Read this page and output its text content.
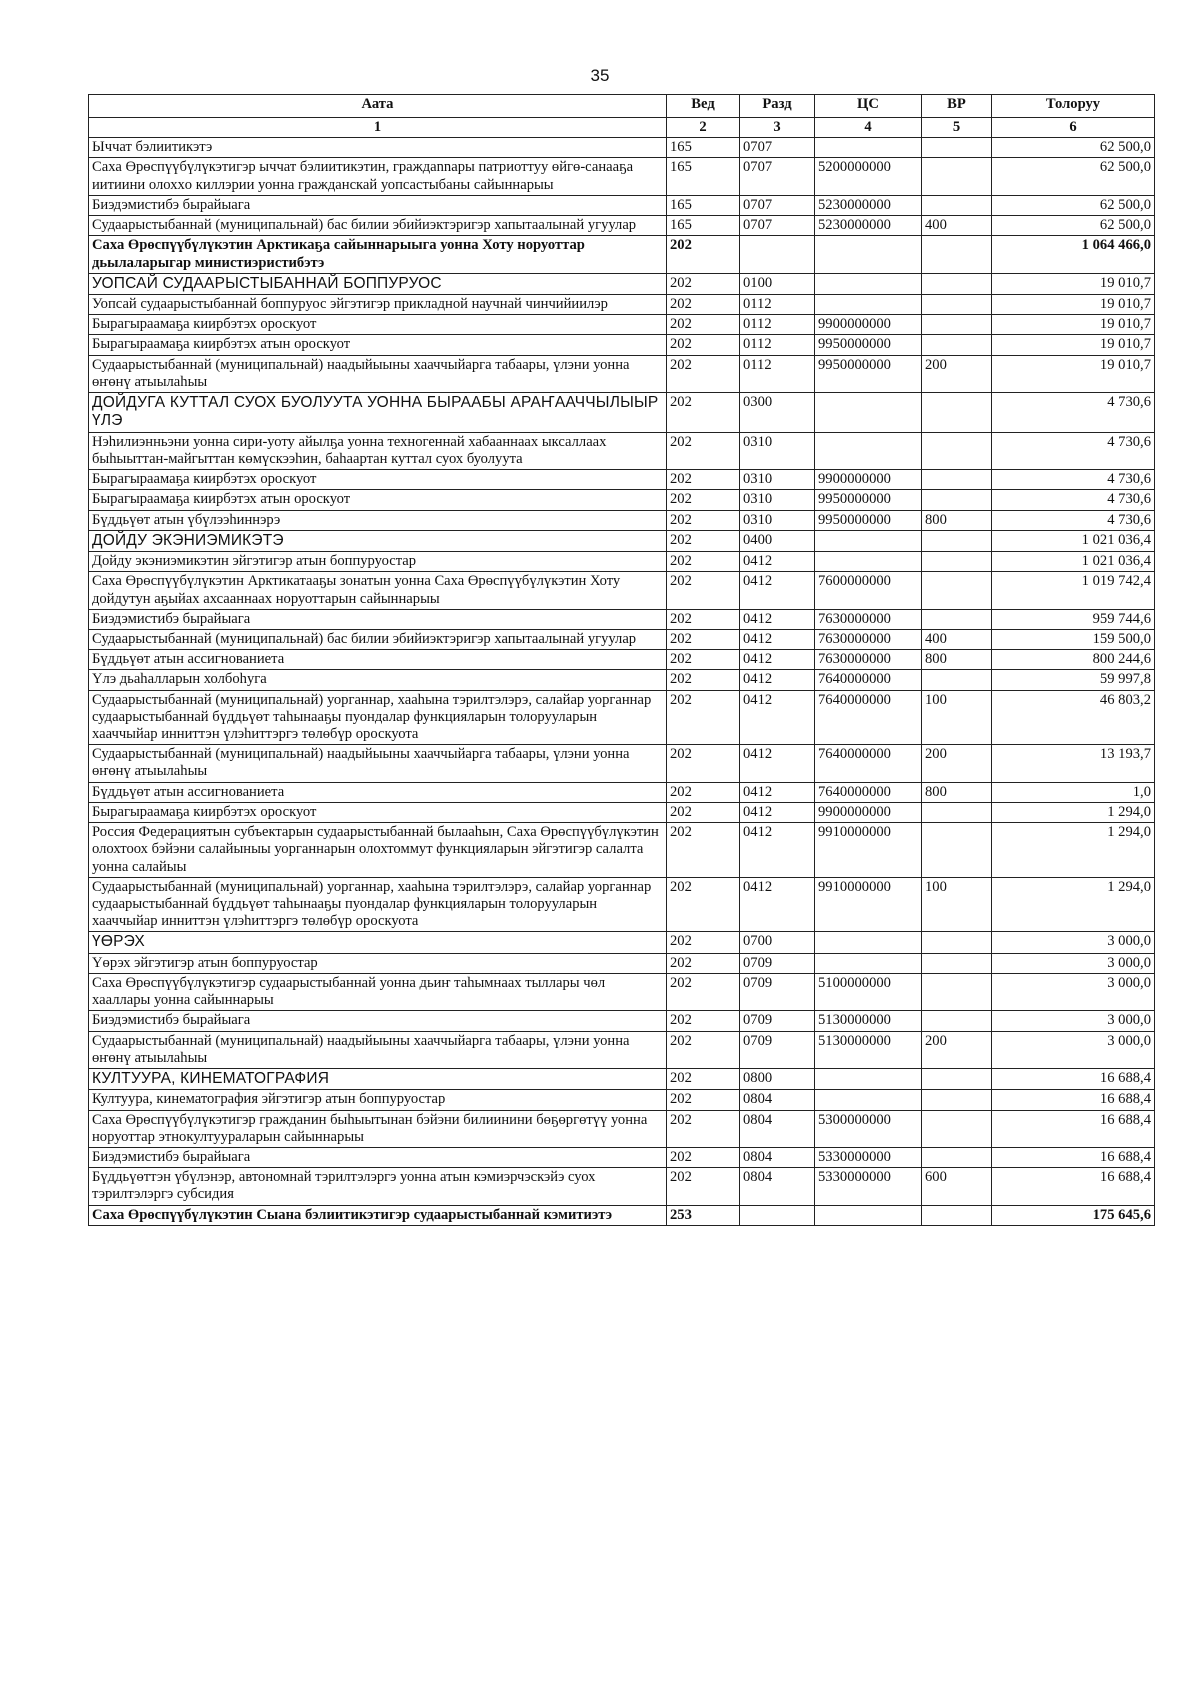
35
Аата	Вед	Разд	ЦС	ВР	Толоруу
1	2	3	4	5	6
Ыччат бэлиитикэтэ	165	0707			62 500,0
Саха Өрөспүүбүлүкэтигэр ыччат бэлиитикэтин, граждannaры патриоттуу өйгө-санааҕа иитиини олохxo киллэрии уонна гражданскай уопсастыбаны сайыннарыы	165	0707	5200000000		62 500,0
Биэдэмистибэ бырайыага	165	0707	5230000000		62 500,0
Судаарыстыбаннай (муниципальнай) бас билии эбийиэктэригэр хапытаалынай угуулар	165	0707	5230000000	400	62 500,0
Саха Өрөспүүбүлүкэтин Арктикаҕа сайыннарыыга уонна Хоту норуоттар дьылаларыгар министиэристибэтэ	202				1 064 466,0
УОПСАЙ СУДААРЫСТЫБАННАЙ БОППУРУОС	202	0100			19 010,7
Уопсай судаарыстыбаннай боппуруос эйгэтигэр прикладной научнай чинчийиилэр	202	0112			19 010,7
Бырагыраамаҕа киирбэтэх ороскуот	202	0112	9900000000		19 010,7
Бырагыраамаҕа киирбэтэх атын ороскуот	202	0112	9950000000		19 010,7
Судаарыстыбаннай (муниципальнай) наадыйыыны хааччыйарга табаары, үлэни уонна өҥөнү атыылаһыы	202	0112	9950000000	200	19 010,7
ДОЙДУГА КУТТАЛ СУОХ БУОЛУУТА УОННА БЫРААБЫ АРАҤААЧЧЫЛЫЫР ҮЛЭ	202	0300			4 730,6
Нэһилиэнньэни уонна сири-уоту айылҕа уонна техногеннай хабааннаах ыксаллаах быһыыттан-майгыттан көмүскээһин, баһаартан куттал суох буолуута	202	0310			4 730,6
Бырагыраамаҕа киирбэтэх ороскуот	202	0310	9900000000		4 730,6
Бырагыраамаҕа киирбэтэх атын ороскуот	202	0310	9950000000		4 730,6
Бүддьүөт атын үбүлээһиннэрэ	202	0310	9950000000	800	4 730,6
ДОЙДУ ЭКЭНИЭМИКЭТЭ	202	0400			1 021 036,4
Дойду экэниэмикэтин эйгэтигэр атын боппуруостар	202	0412			1 021 036,4
Саха Өрөспүүбүлүкэтин Арктикатааҕы зонатын уонна Саха Өрөспүүбүлүкэтин Хоту дойдутун аҕыйах ахсааннаах норуоттарын сайыннарыы	202	0412	7600000000		1 019 742,4
Биэдэмистибэ бырайыага	202	0412	7630000000		959 744,6
Судаарыстыбаннай (муниципальнай) бас билии эбийиэктэригэр хапытаалынай угуулар	202	0412	7630000000	400	159 500,0
Бүддьүөт атын ассигнованиета	202	0412	7630000000	800	800 244,6
Үлэ дьаһалларын холбоһуга	202	0412	7640000000		59 997,8
Судаарыстыбаннай (муниципальнай) уорганнар, хааһына тэрилтэлэрэ, салайар уорганнар судаарыстыбаннай бүддьүөт таһынааҕы пуондалар функцияларын толорууларын хааччыйар инниттэн үлэһиттэргэ төлөбүр ороскуота	202	0412	7640000000	100	46 803,2
Судаарыстыбаннай (муниципальнай) наадыйыыны хааччыйарга табаары, үлэни уонна өҥөнү атыылаһыы	202	0412	7640000000	200	13 193,7
Бүддьүөт атын ассигнованиета	202	0412	7640000000	800	1,0
Бырагыраамаҕа киирбэтэх ороскуот	202	0412	9900000000		1 294,0
Россия Федерациятын субъектарын судаарыстыбаннай былааһын, Саха Өрөспүүбүлүкэтин олохтоох бэйэни салайыныы уорганнарын олохтоммут функцияларын эйгэтигэр салалта уонна салайыы	202	0412	9910000000		1 294,0
Судаарыстыбаннай (муниципальнай) уорганнар, хааһына тэрилтэлэрэ, салайар уорганнар судаарыстыбаннай бүддьүөт таһынааҕы пуондалар функцияларын толорууларын хааччыйар инниттэн үлэһиттэргэ төлөбүр ороскуота	202	0412	9910000000	100	1 294,0
ҮӨРЭХ	202	0700			3 000,0
Үөрэх эйгэтигэр атын боппуруостар	202	0709			3 000,0
Саха Өрөспүүбүлүкэтигэр судаарыстыбаннай уонна дьиҥ таһымнаах тыллары чөл хааллары уонна сайыннарыы	202	0709	5100000000		3 000,0
Биэдэмистибэ бырайыага	202	0709	5130000000		3 000,0
Судаарыстыбаннай (муниципальнай) наадыйыыны хааччыйарга табаары, үлэни уонна өҥөнү атыылаһыы	202	0709	5130000000	200	3 000,0
КУЛТУУРА, КИНЕМАТОГРАФИЯ	202	0800			16 688,4
Култуура, кинематография эйгэтигэр атын боппуруостар	202	0804			16 688,4
Саха Өрөспүүбүлүкэтигэр гражданин быһыытынан бэйэни билиинини бөҕөргөтүү уонна норуоттар этнокултуураларын сайыннарыы	202	0804	5300000000		16 688,4
Биэдэмистибэ бырайыага	202	0804	5330000000		16 688,4
Бүддьүөттэн үбүлэнэр, автономнай тэрилтэлэргэ уонна атын кэмиэрчэскэйэ суох тэрилтэлэргэ субсидия	202	0804	5330000000	600	16 688,4
Саха Өрөспүүбүлүкэтин Сыана бэлиитикэтигэр судаарыстыбаннай кэмитиэтэ	253				175 645,6
